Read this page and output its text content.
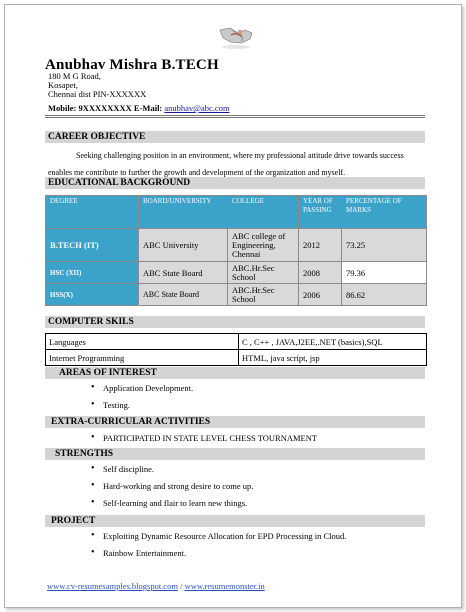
Anubhav Mishra B.TECH
180 M G Road,
Kosapet,
Chennai dist PIN-XXXXXX
Mobile: 9XXXXXXXX E-Mail: anubhav@abc.com
CAREER OBJECTIVE
Seeking challenging position in an environment, where my professional attitude drive towards success enables me contribute to further the growth and development of the organization and myself.
EDUCATIONAL BACKGROUND
DEGREE	BOARD/UNIVERSITY	COLLEGE	YEAR OF PASSING	PERCENTAGE OF MARKS
B.TECH (IT)	ABC University	ABC college of Engineering, Chennai	2012	73.25
HSC (XII)	ABC State Board	ABC.Hr.Sec School	2008	79.36
HSS(X)	ABC State Board	ABC.Hr.Sec School	2006	86.62
COMPUTER SKILS
Languages	C , C++ , JAVA,J2EE,.NET (basics),SQL
Internet Programming	HTML, java script, jsp
AREAS OF INTEREST
• Application Development.
• Testing.
EXTRA-CURRICULAR ACTIVITIES
• PARTICIPATED IN STATE LEVEL CHESS TOURNAMENT
STRENGTHS
• Self discipline.
• Hard-working and strong desire to come up.
• Self-learning and flair to learn new things.
PROJECT
• Exploiting Dynamic Resource Allocation for EPD Processing in Cloud.
• Rainbow Entertainment.
www.cv-resumesamples.blogspot.com / www.resumemonster.in
